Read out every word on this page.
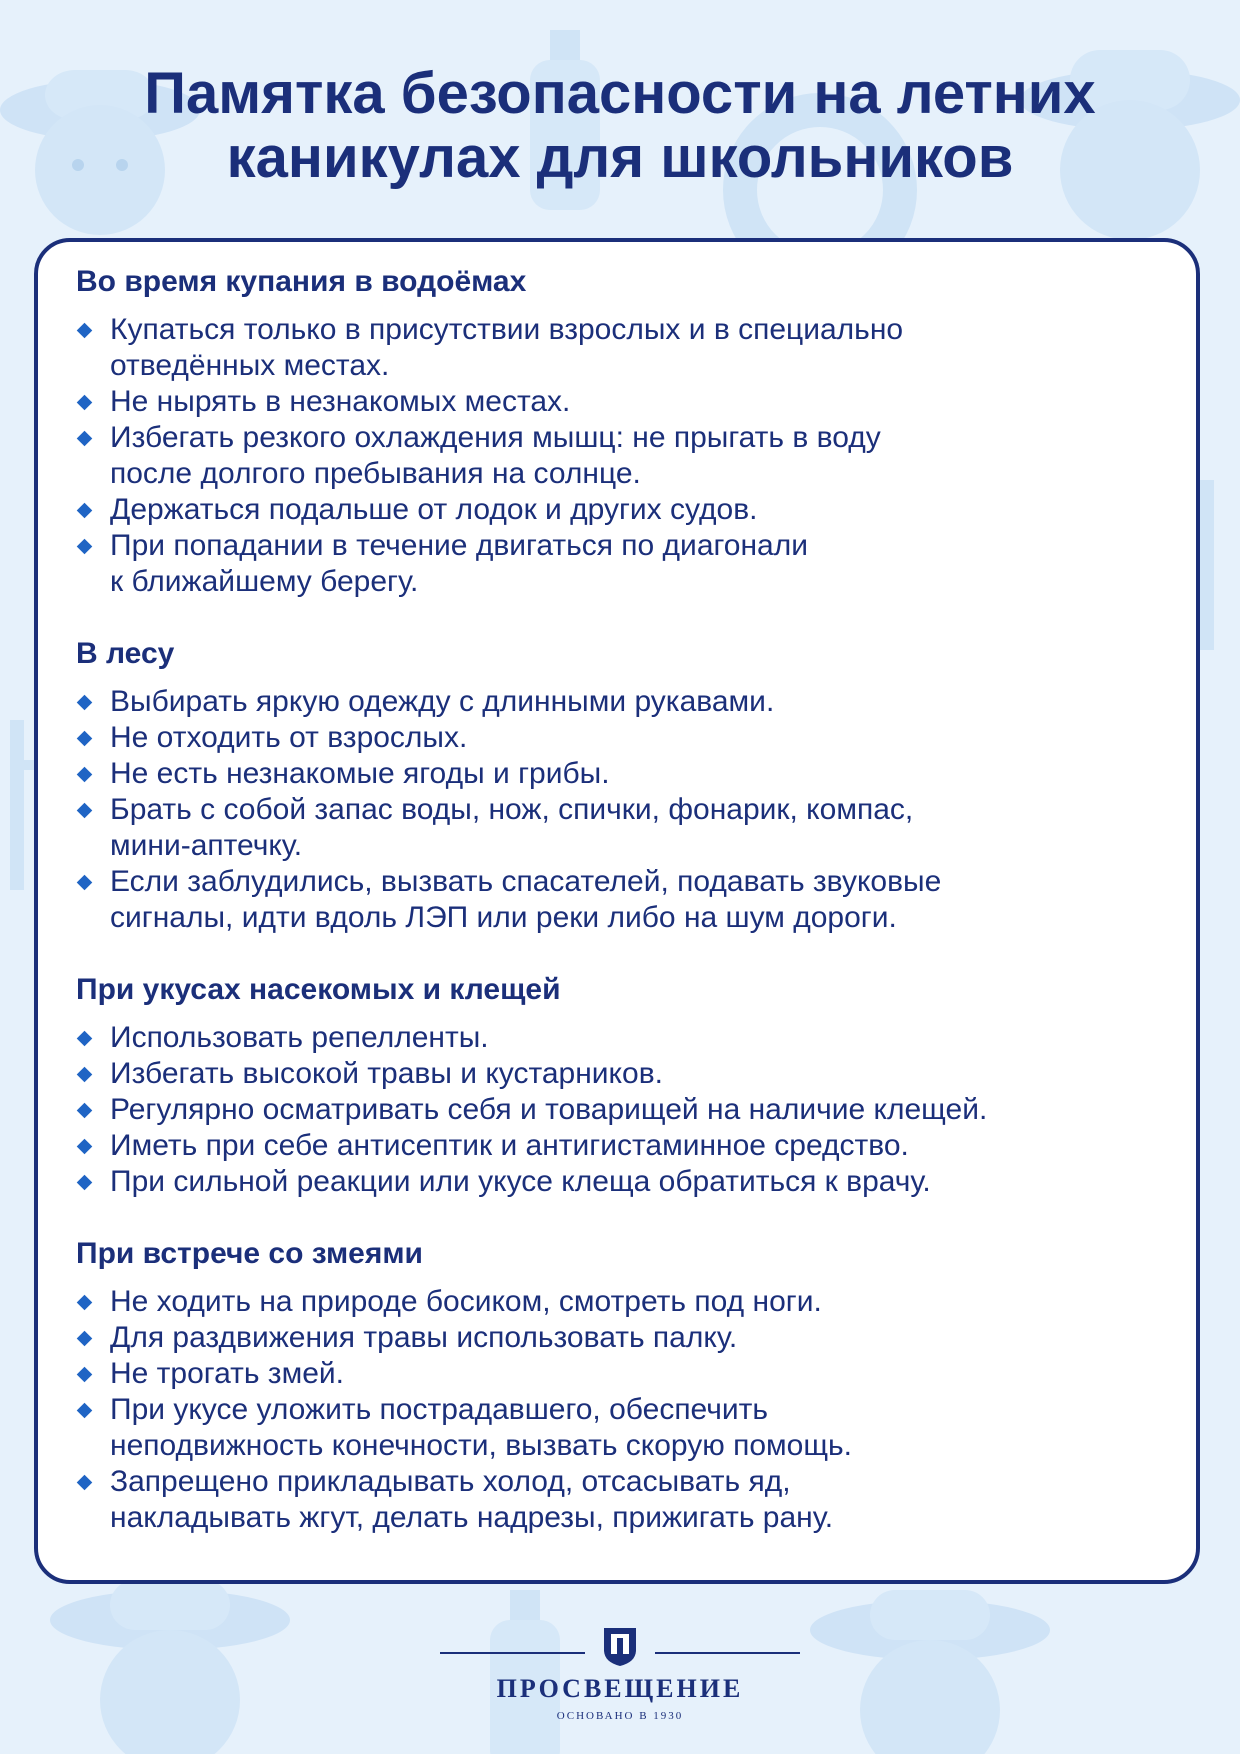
Памятка безопасности на летних
каникулах для школьников
Во время купания в водоёмах
Купаться только в присутствии взрослых и в специально
отведённых местах.
Не нырять в незнакомых местах.
Избегать резкого охлаждения мышц: не прыгать в воду
после долгого пребывания на солнце.
Держаться подальше от лодок и других судов.
При попадании в течение двигаться по диагонали
к ближайшему берегу.
В лесу
Выбирать яркую одежду с длинными рукавами.
Не отходить от взрослых.
Не есть незнакомые ягоды и грибы.
Брать с собой запас воды, нож, спички, фонарик, компас,
мини-аптечку.
Если заблудились, вызвать спасателей, подавать звуковые
сигналы, идти вдоль ЛЭП или реки либо на шум дороги.
При укусах насекомых и клещей
Использовать репелленты.
Избегать высокой травы и кустарников.
Регулярно осматривать себя и товарищей на наличие клещей.
Иметь при себе антисептик и антигистаминное средство.
При сильной реакции или укусе клеща обратиться к врачу.
При встрече со змеями
Не ходить на природе босиком, смотреть под ноги.
Для раздвижения травы использовать палку.
Не трогать змей.
При укусе уложить пострадавшего, обеспечить
неподвижность конечности, вызвать скорую помощь.
Запрещено прикладывать холод, отсасывать яд,
накладывать жгут, делать надрезы, прижигать рану.
ПРОСВЕЩЕНИЕ
ОСНОВАНО В 1930
